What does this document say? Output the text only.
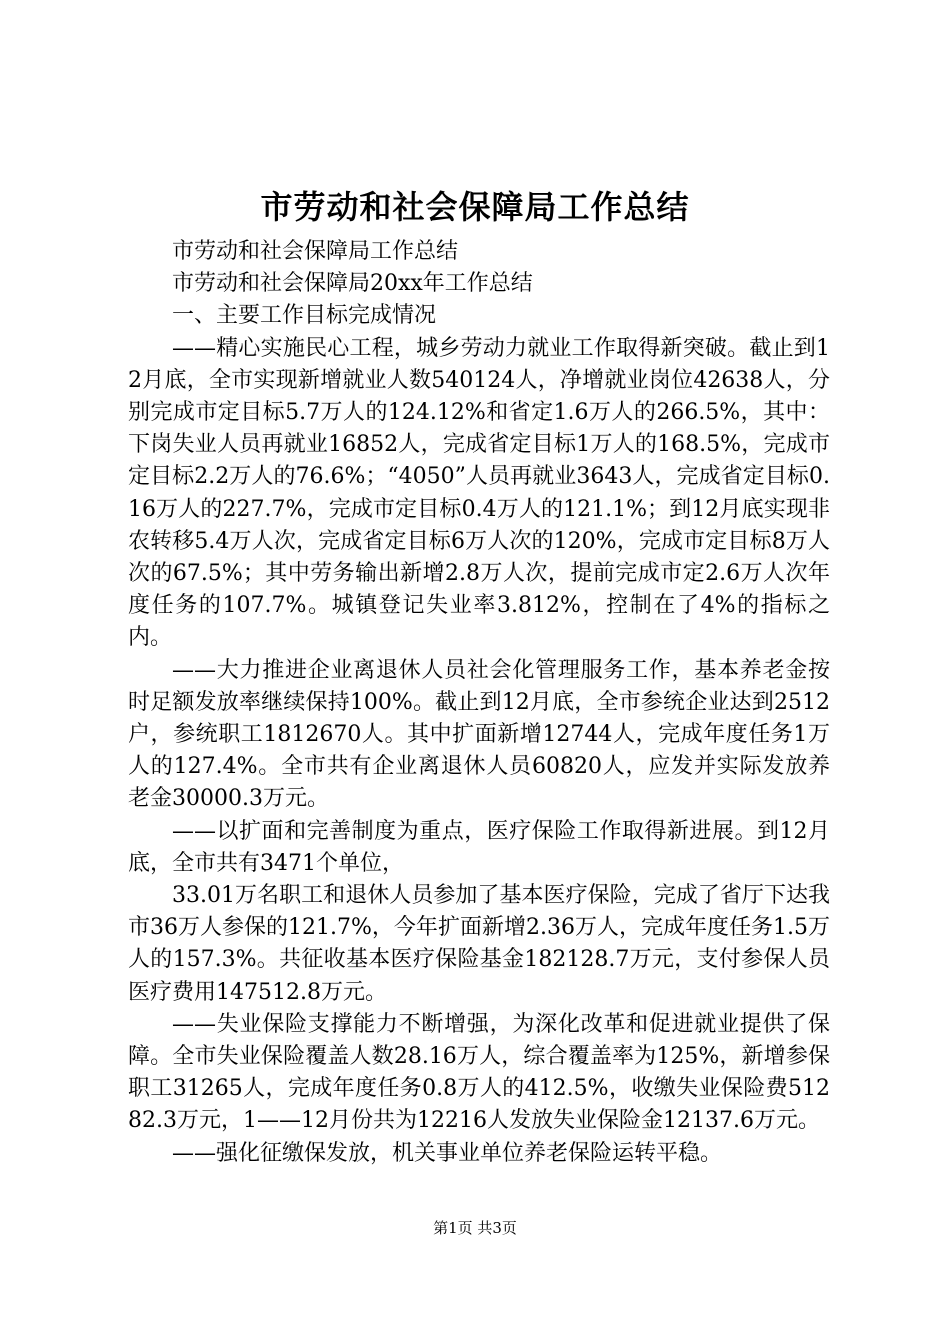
市劳动和社会保障局工作总结

市劳动和社会保障局工作总结

市劳动和社会保障局20xx年工作总结

一、主要工作目标完成情况

——精心实施民心工程，城乡劳动力就业工作取得新突破。截止到12月底，全市实现新增就业人数540124人，净增就业岗位42638人，分别完成市定目标5.7万人的124.12%和省定1.6万人的266.5%，其中：下岗失业人员再就业16852人，完成省定目标1万人的168.5%，完成市定目标2.2万人的76.6%；“4050”人员再就业3643人，完成省定目标0.16万人的227.7%，完成市定目标0.4万人的121.1%；到12月底实现非农转移5.4万人次，完成省定目标6万人次的120%，完成市定目标8万人次的67.5%；其中劳务输出新增2.8万人次，提前完成市定2.6万人次年度任务的107.7%。城镇登记失业率3.812%，控制在了4%的指标之内。

——大力推进企业离退休人员社会化管理服务工作，基本养老金按时足额发放率继续保持100%。截止到12月底，全市参统企业达到2512户，参统职工1812670人。其中扩面新增12744人，完成年度任务1万人的127.4%。全市共有企业离退休人员60820人，应发并实际发放养老金30000.3万元。

——以扩面和完善制度为重点，医疗保险工作取得新进展。到12月底，全市共有3471个单位，

33.01万名职工和退休人员参加了基本医疗保险，完成了省厅下达我市36万人参保的121.7%，今年扩面新增2.36万人，完成年度任务1.5万人的157.3%。共征收基本医疗保险基金182128.7万元，支付参保人员医疗费用147512.8万元。

——失业保险支撑能力不断增强，为深化改革和促进就业提供了保障。全市失业保险覆盖人数28.16万人，综合覆盖率为125%，新增参保职工31265人，完成年度任务0.8万人的412.5%，收缴失业保险费51282.3万元，1——12月份共为12216人发放失业保险金12137.6万元。

——强化征缴保发放，机关事业单位养老保险运转平稳。

第1页 共3页
